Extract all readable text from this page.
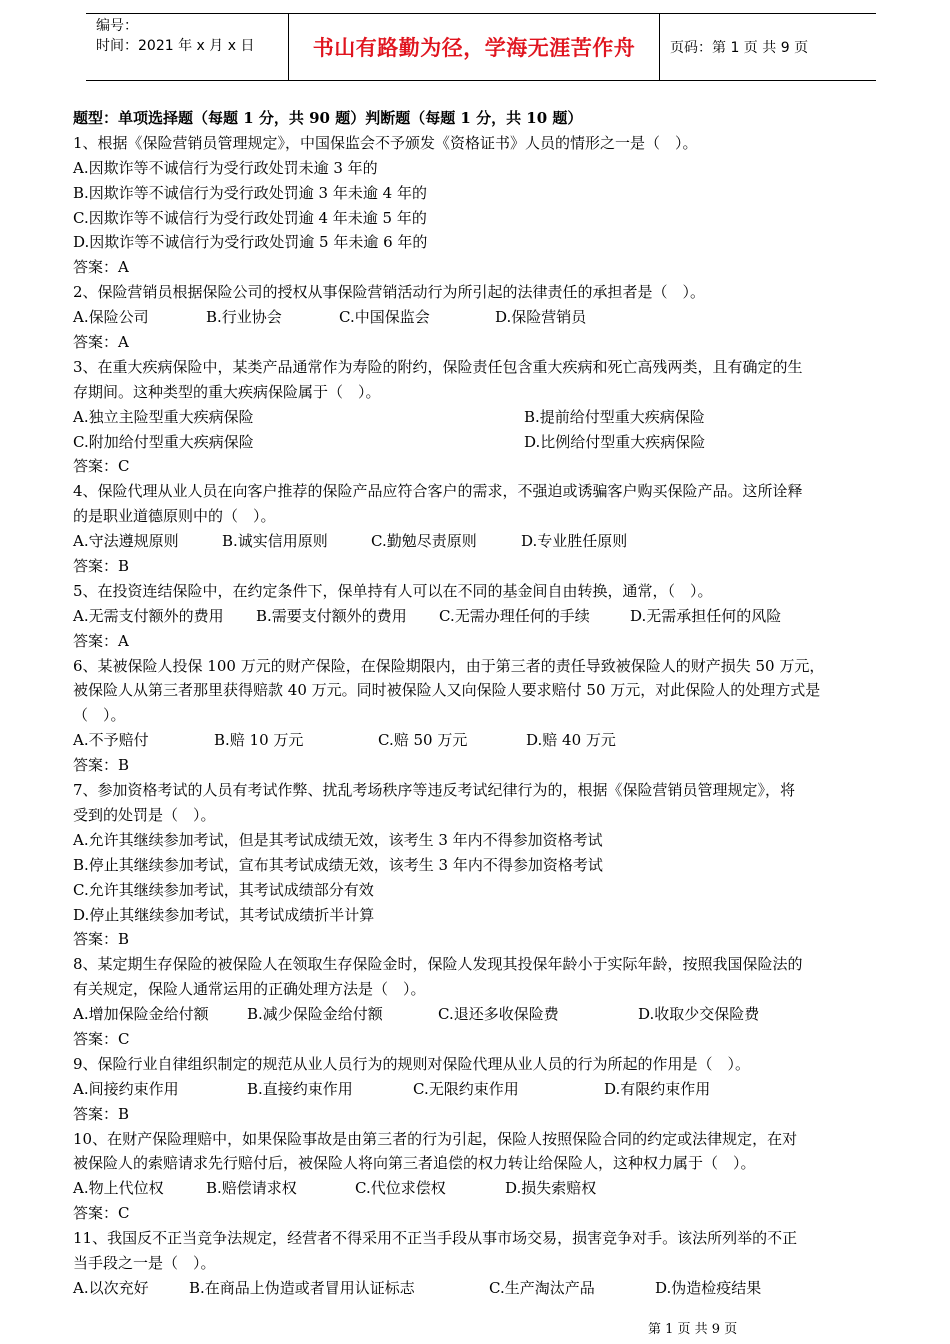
编号：
时间：2021 年 x 月 x 日	书山有路勤为径，学海无涯苦作舟	页码：第 1 页 共 9 页
题型：单项选择题（每题 1 分，共 90 题）判断题（每题 1 分，共 10 题）
1、根据《保险营销员管理规定》，中国保监会不予颁发《资格证书》人员的情形之一是（　）。
A.因欺诈等不诚信行为受行政处罚未逾 3 年的
B.因欺诈等不诚信行为受行政处罚逾 3 年未逾 4 年的
C.因欺诈等不诚信行为受行政处罚逾 4 年未逾 5 年的
D.因欺诈等不诚信行为受行政处罚逾 5 年未逾 6 年的
答案：A
2、保险营销员根据保险公司的授权从事保险营销活动行为所引起的法律责任的承担者是（　）。
A.保险公司	B.行业协会	C.中国保监会	D.保险营销员
答案：A
3、在重大疾病保险中，某类产品通常作为寿险的附约，保险责任包含重大疾病和死亡高残两类，且有确定的生
存期间。这种类型的重大疾病保险属于（　）。
A.独立主险型重大疾病保险	B.提前给付型重大疾病保险
C.附加给付型重大疾病保险	D.比例给付型重大疾病保险
答案：C
4、保险代理从业人员在向客户推荐的保险产品应符合客户的需求，不强迫或诱骗客户购买保险产品。这所诠释
的是职业道德原则中的（　）。
A.守法遵规原则	B.诚实信用原则	C.勤勉尽责原则	D.专业胜任原则
答案：B
5、在投资连结保险中，在约定条件下，保单持有人可以在不同的基金间自由转换，通常，（　）。
A.无需支付额外的费用	B.需要支付额外的费用	C.无需办理任何的手续	D.无需承担任何的风险
答案：A
6、某被保险人投保 100 万元的财产保险，在保险期限内，由于第三者的责任导致被保险人的财产损失 50 万元，
被保险人从第三者那里获得赔款 40 万元。同时被保险人又向保险人要求赔付 50 万元，对此保险人的处理方式是
（　）。
A.不予赔付	B.赔 10 万元	C.赔 50 万元	D.赔 40 万元
答案：B
7、参加资格考试的人员有考试作弊、扰乱考场秩序等违反考试纪律行为的，根据《保险营销员管理规定》，将
受到的处罚是（　）。
A.允许其继续参加考试，但是其考试成绩无效，该考生 3 年内不得参加资格考试
B.停止其继续参加考试，宣布其考试成绩无效，该考生 3 年内不得参加资格考试
C.允许其继续参加考试，其考试成绩部分有效
D.停止其继续参加考试，其考试成绩折半计算
答案：B
8、某定期生存保险的被保险人在领取生存保险金时，保险人发现其投保年龄小于实际年龄，按照我国保险法的
有关规定，保险人通常运用的正确处理方法是（　）。
A.增加保险金给付额	B.减少保险金给付额	C.退还多收保险费	D.收取少交保险费
答案：C
9、保险行业自律组织制定的规范从业人员行为的规则对保险代理从业人员的行为所起的作用是（　）。
A.间接约束作用	B.直接约束作用	C.无限约束作用	D.有限约束作用
答案：B
10、在财产保险理赔中，如果保险事故是由第三者的行为引起，保险人按照保险合同的约定或法律规定，在对
被保险人的索赔请求先行赔付后，被保险人将向第三者追偿的权力转让给保险人，这种权力属于（　）。
A.物上代位权	B.赔偿请求权	C.代位求偿权	D.损失索赔权
答案：C
11、我国反不正当竞争法规定，经营者不得采用不正当手段从事市场交易，损害竞争对手。该法所列举的不正
当手段之一是（　）。
A.以次充好	B.在商品上伪造或者冒用认证标志	C.生产淘汰产品	D.伪造检疫结果
第 1 页 共 9 页
